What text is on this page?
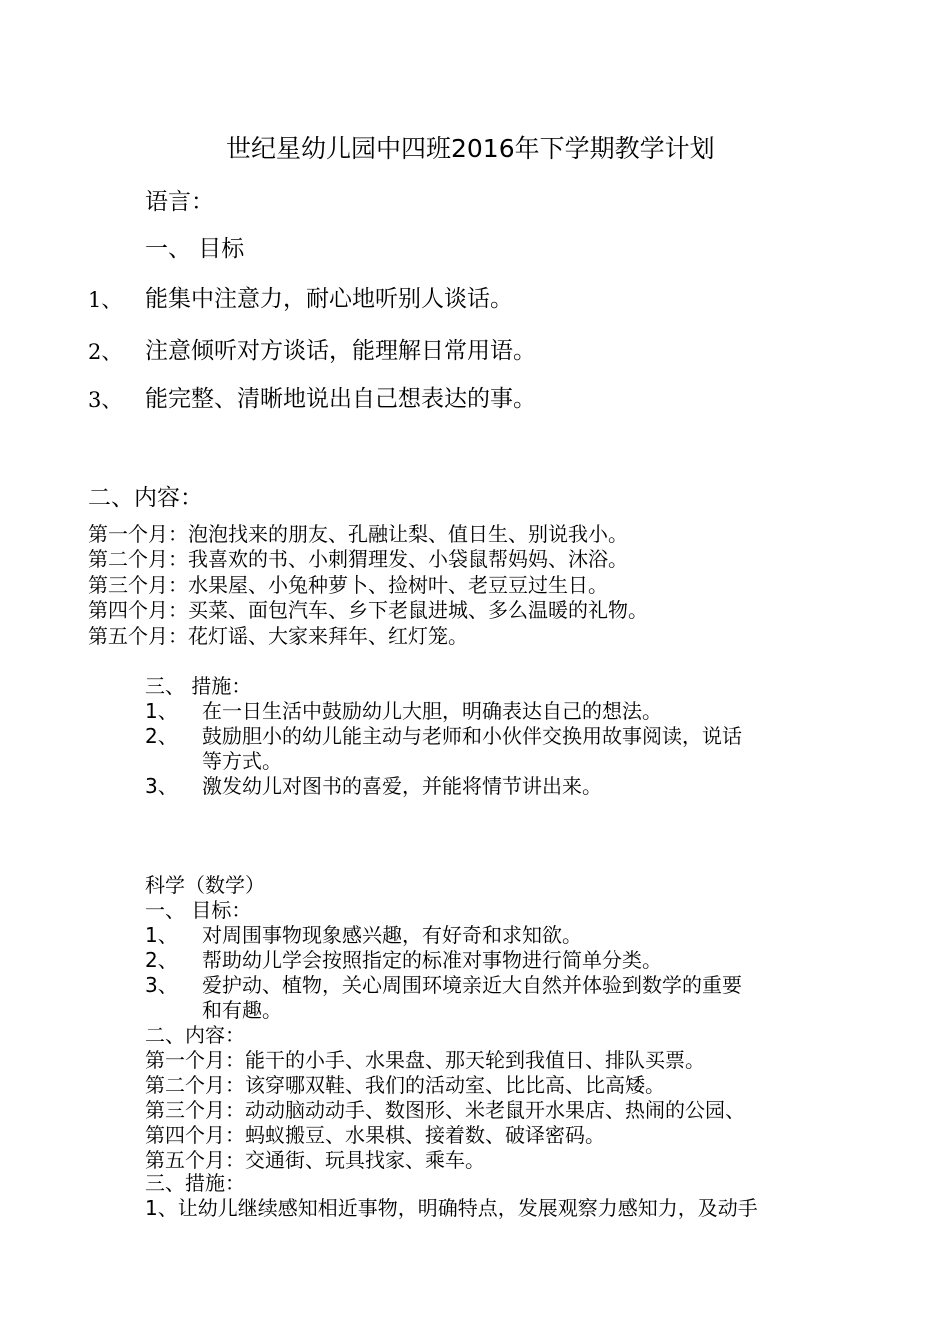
世纪星幼儿园中四班2016年下学期教学计划
语言：
一、 目标
1、 能集中注意力，耐心地听别人谈话。
2、 注意倾听对方谈话，能理解日常用语。
3、 能完整、清晰地说出自己想表达的事。
二、内容：
第一个月：泡泡找来的朋友、孔融让梨、值日生、别说我小。
第二个月：我喜欢的书、小刺猬理发、小袋鼠帮妈妈、沐浴。
第三个月：水果屋、小兔种萝卜、捡树叶、老豆豆过生日。
第四个月：买菜、面包汽车、乡下老鼠进城、多么温暖的礼物。
第五个月：花灯谣、大家来拜年、红灯笼。
三、 措施：
1、 在一日生活中鼓励幼儿大胆，明确表达自己的想法。
2、 鼓励胆小的幼儿能主动与老师和小伙伴交换用故事阅读，说话
等方式。
3、 激发幼儿对图书的喜爱，并能将情节讲出来。
科学（数学）
一、 目标：
1、 对周围事物现象感兴趣，有好奇和求知欲。
2、 帮助幼儿学会按照指定的标准对事物进行简单分类。
3、 爱护动、植物，关心周围环境亲近大自然并体验到数学的重要
和有趣。
二、内容：
第一个月：能干的小手、水果盘、那天轮到我值日、排队买票。
第二个月：该穿哪双鞋、我们的活动室、比比高、比高矮。
第三个月：动动脑动动手、数图形、米老鼠开水果店、热闹的公园、
第四个月：蚂蚁搬豆、水果棋、接着数、破译密码。
第五个月：交通街、玩具找家、乘车。
三、措施：
1、让幼儿继续感知相近事物，明确特点，发展观察力感知力，及动手
